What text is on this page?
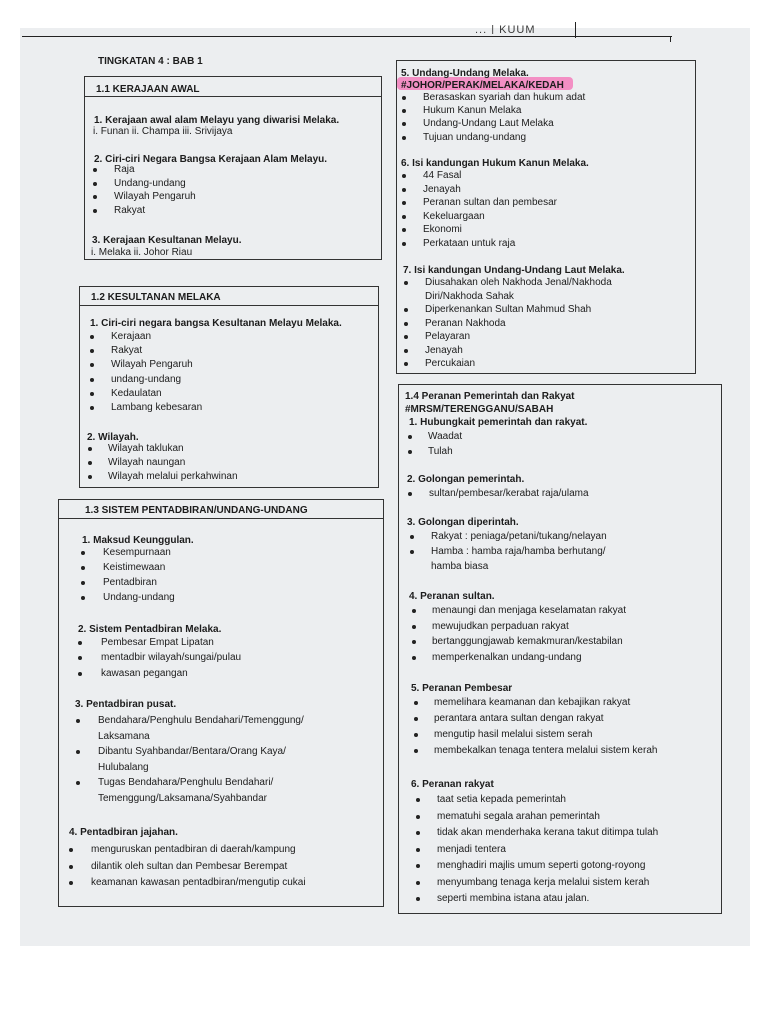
... | KUUM
TINGKATAN 4 : BAB 1
1.1 KERAJAAN AWAL
1. Kerajaan awal alam Melayu yang diwarisi Melaka.
i. Funan ii. Champa iii. Srivijaya
2. Ciri-ciri Negara Bangsa Kerajaan Alam Melayu.
3. Kerajaan Kesultanan Melayu.
i. Melaka ii. Johor Riau
1.2 KESULTANAN MELAKA
1. Ciri-ciri negara bangsa Kesultanan Melayu Melaka.
2. Wilayah.
1.3 SISTEM PENTADBIRAN/UNDANG-UNDANG
1. Maksud Keunggulan.
2. Sistem Pentadbiran Melaka.
3. Pentadbiran pusat.
4. Pentadbiran jajahan.
5. Undang-Undang Melaka.
#JOHOR/PERAK/MELAKA/KEDAH
6. Isi kandungan Hukum Kanun Melaka.
7. Isi kandungan Undang-Undang Laut Melaka.
1.4 Peranan Pemerintah dan Rakyat
#MRSM/TERENGGANU/SABAH
1. Hubungkait pemerintah dan rakyat.
2. Golongan pemerintah.
3. Golongan diperintah.
4. Peranan sultan.
5. Peranan Pembesar
6. Peranan rakyat
Raja
Undang-undang
Wilayah Pengaruh
Rakyat
Kerajaan
Rakyat
Wilayah Pengaruh
undang-undang
Kedaulatan
Lambang kebesaran
Wilayah taklukan
Wilayah naungan
Wilayah melalui perkahwinan
Kesempurnaan
Keistimewaan
Pentadbiran
Undang-undang
Pembesar Empat Lipatan
mentadbir wilayah/sungai/pulau
kawasan pegangan
Bendahara/Penghulu Bendahari/Temenggung/
Laksamana
Dibantu Syahbandar/Bentara/Orang Kaya/
Hulubalang
Tugas Bendahara/Penghulu Bendahari/
Temenggung/Laksamana/Syahbandar
menguruskan pentadbiran di daerah/kampung
dilantik oleh sultan dan Pembesar Berempat
keamanan kawasan pentadbiran/mengutip cukai
Berasaskan syariah dan hukum adat
Hukum Kanun Melaka
Undang-Undang Laut Melaka
Tujuan undang-undang
44 Fasal
Jenayah
Peranan sultan dan pembesar
Kekeluargaan
Ekonomi
Perkataan untuk raja
Diusahakan oleh Nakhoda Jenal/Nakhoda
Diri/Nakhoda Sahak
Diperkenankan Sultan Mahmud Shah
Peranan Nakhoda
Pelayaran
Jenayah
Percukaian
Waadat
Tulah
sultan/pembesar/kerabat raja/ulama
Rakyat : peniaga/petani/tukang/nelayan
Hamba : hamba raja/hamba berhutang/
hamba biasa
menaungi dan menjaga keselamatan rakyat
mewujudkan perpaduan rakyat
bertanggungjawab kemakmuran/kestabilan
memperkenalkan undang-undang
memelihara keamanan dan kebajikan rakyat
perantara antara sultan dengan rakyat
mengutip hasil melalui sistem serah
membekalkan tenaga tentera melalui sistem kerah
taat setia kepada pemerintah
mematuhi segala arahan pemerintah
tidak akan menderhaka kerana takut ditimpa tulah
menjadi tentera
menghadiri majlis umum seperti gotong-royong
menyumbang tenaga kerja melalui sistem kerah
seperti membina istana atau jalan.
